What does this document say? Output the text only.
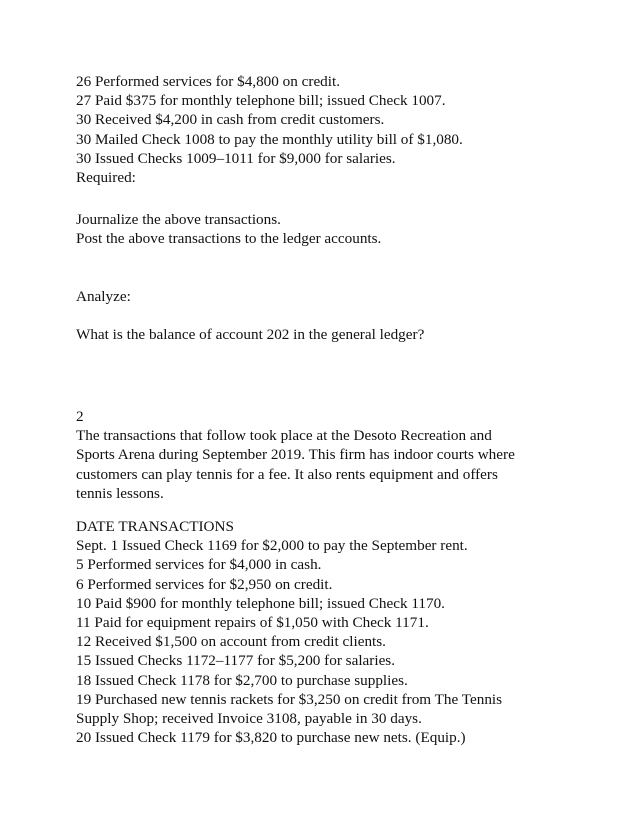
26 Performed services for $4,800 on credit.
27 Paid $375 for monthly telephone bill; issued Check 1007.
30 Received $4,200 in cash from credit customers.
30 Mailed Check 1008 to pay the monthly utility bill of $1,080.
30 Issued Checks 1009–1011 for $9,000 for salaries.
Required:
Journalize the above transactions.
Post the above transactions to the ledger accounts.
Analyze:
What is the balance of account 202 in the general ledger?
2
The transactions that follow took place at the Desoto Recreation and
Sports Arena during September 2019. This firm has indoor courts where
customers can play tennis for a fee. It also rents equipment and offers
tennis lessons.
DATE TRANSACTIONS
Sept. 1 Issued Check 1169 for $2,000 to pay the September rent.
5 Performed services for $4,000 in cash.
6 Performed services for $2,950 on credit.
10 Paid $900 for monthly telephone bill; issued Check 1170.
11 Paid for equipment repairs of $1,050 with Check 1171.
12 Received $1,500 on account from credit clients.
15 Issued Checks 1172–1177 for $5,200 for salaries.
18 Issued Check 1178 for $2,700 to purchase supplies.
19 Purchased new tennis rackets for $3,250 on credit from The Tennis
Supply Shop; received Invoice 3108, payable in 30 days.
20 Issued Check 1179 for $3,820 to purchase new nets. (Equip.)
